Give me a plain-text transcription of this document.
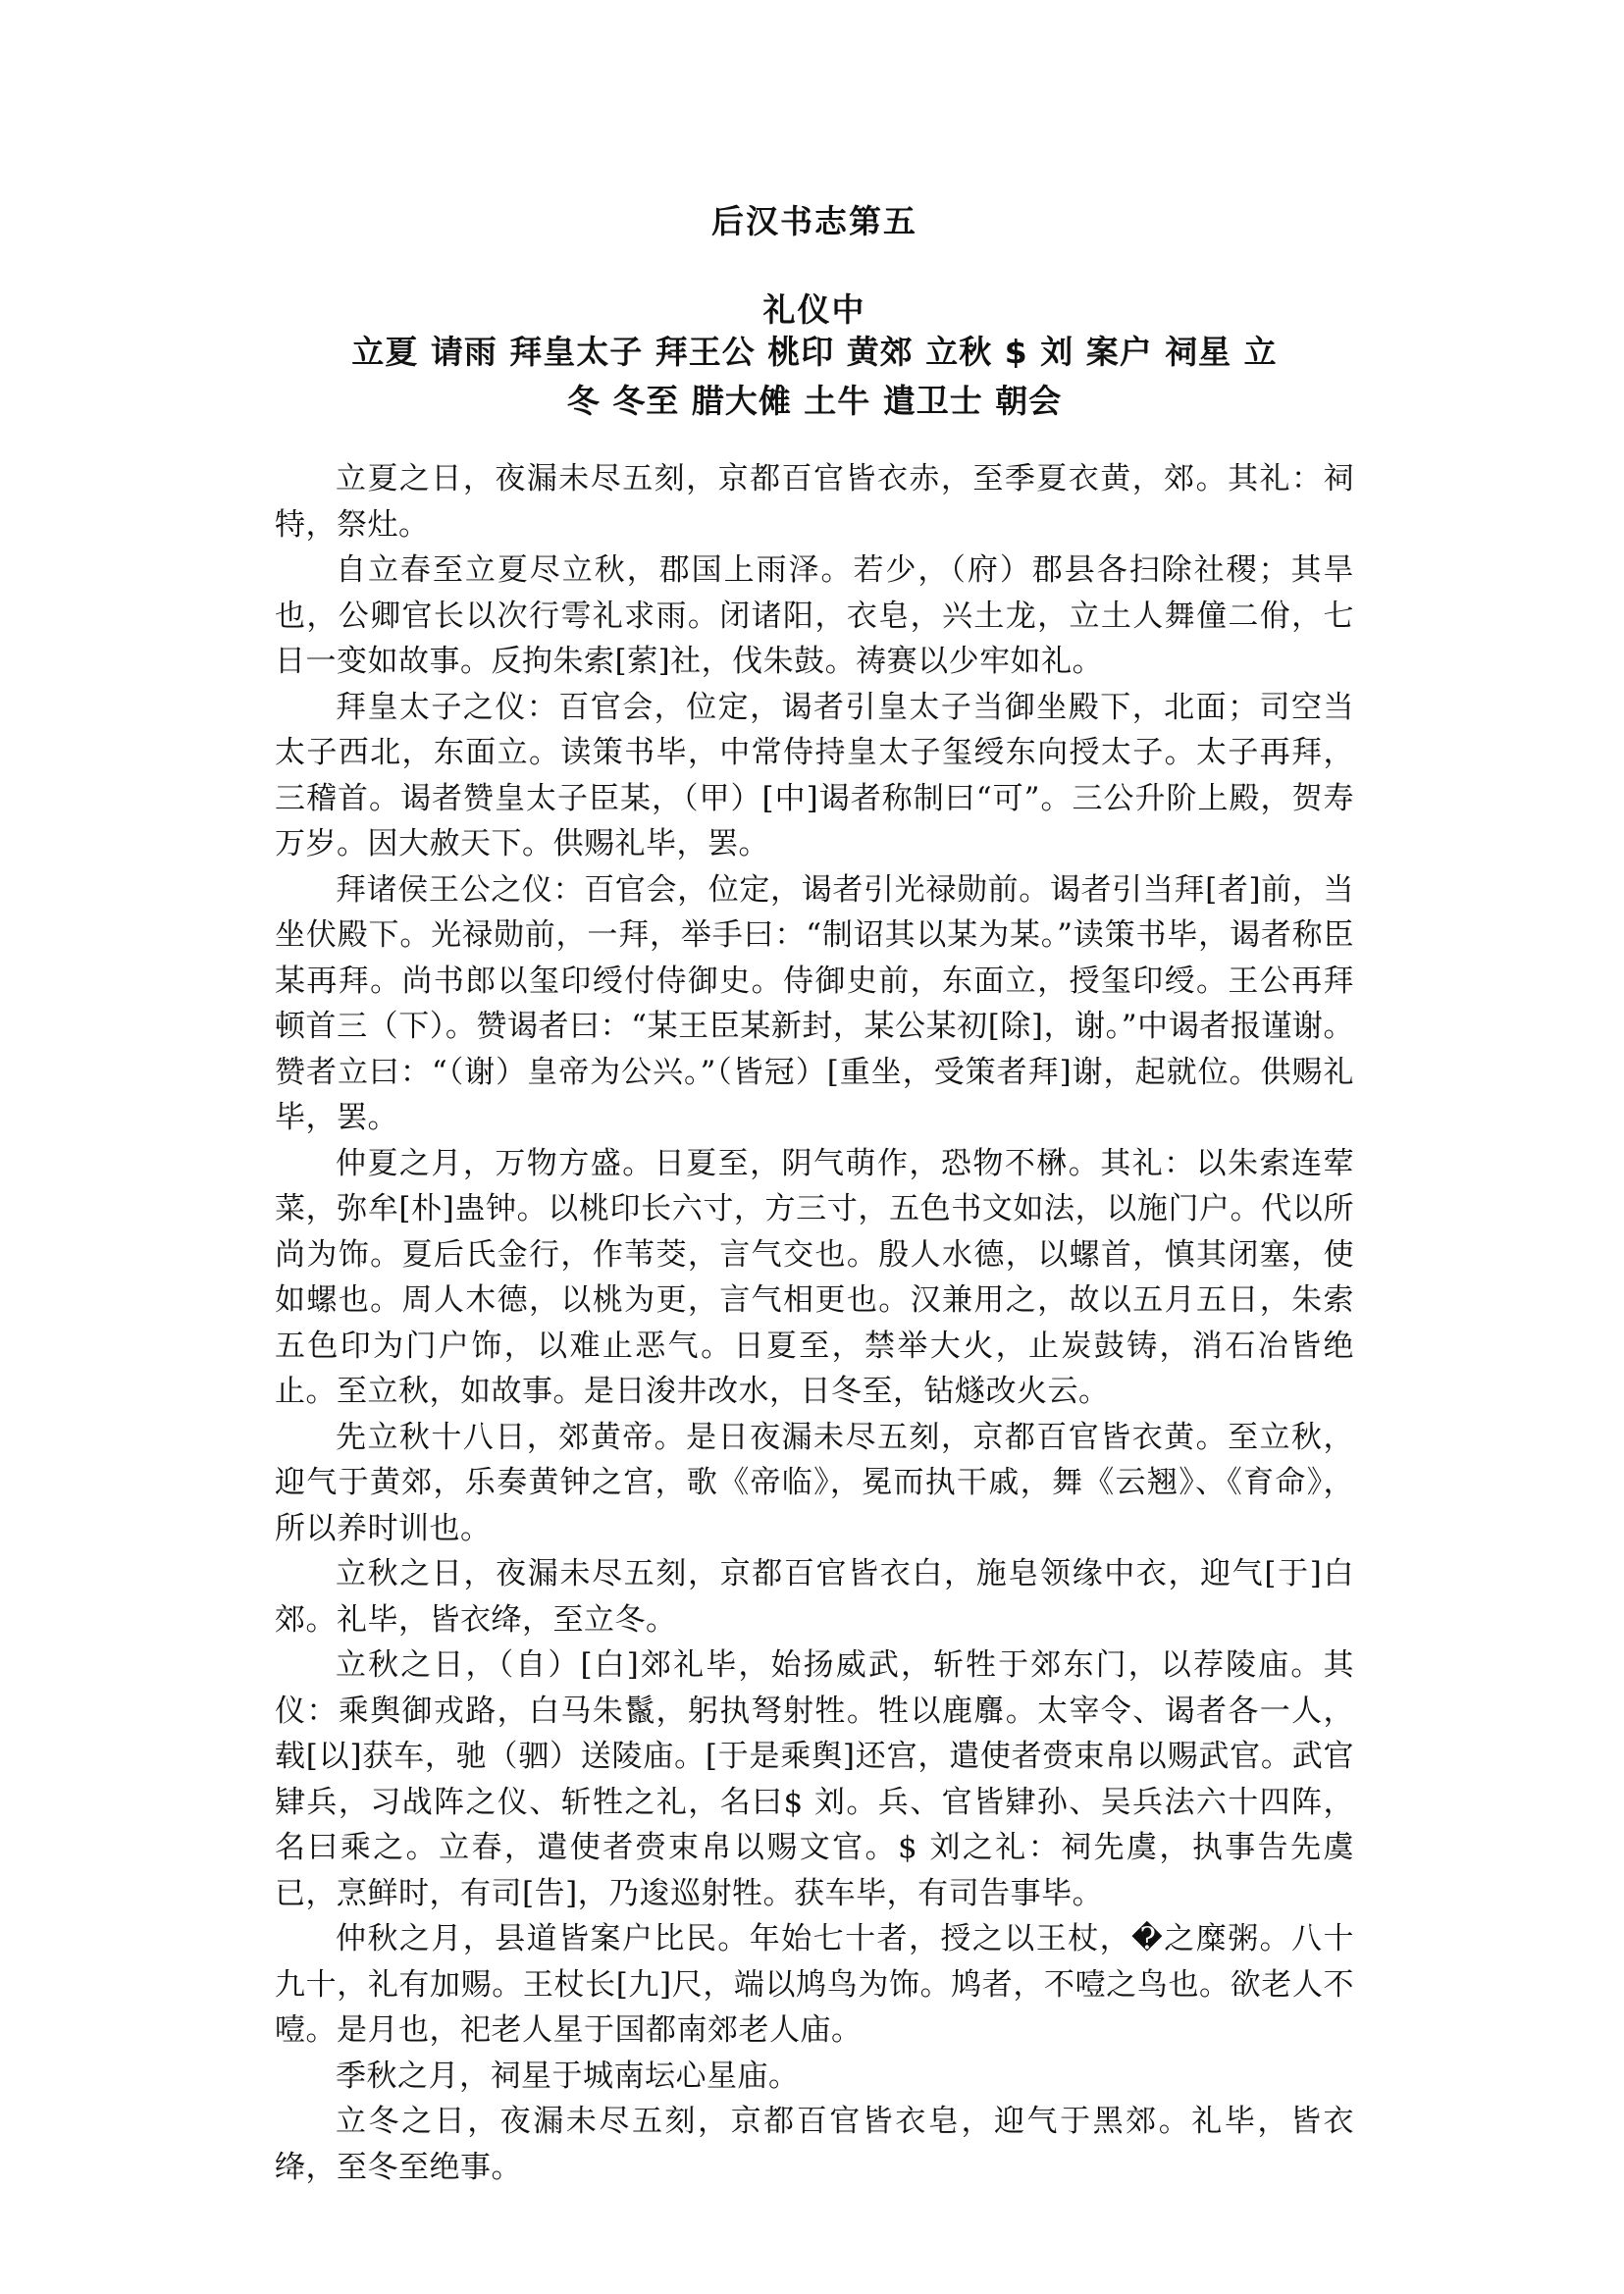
后汉书志第五
礼仪中
立夏 请雨 拜皇太子 拜王公 桃印 黄郊 立秋 $ 刘 案户 祠星 立
冬 冬至 腊大傩 土牛 遣卫士 朝会

立夏之日，夜漏未尽五刻，京都百官皆衣赤，至季夏衣黄，郊。其礼：祠特，祭灶。

自立春至立夏尽立秋，郡国上雨泽。若少，（府）郡县各扫除社稷；其旱也，公卿官长以次行雩礼求雨。闭诸阳，衣皂，兴土龙，立土人舞僮二佾，七日一变如故事。反拘朱索[萦]社，伐朱鼓。祷赛以少牢如礼。

拜皇太子之仪：百官会，位定，谒者引皇太子当御坐殿下，北面；司空当太子西北，东面立。读策书毕，中常侍持皇太子玺绶东向授太子。太子再拜，三稽首。谒者赞皇太子臣某，（甲）[中]谒者称制曰“可”。三公升阶上殿，贺寿万岁。因大赦天下。供赐礼毕，罢。

拜诸侯王公之仪：百官会，位定，谒者引光禄勋前。谒者引当拜[者]前，当坐伏殿下。光禄勋前，一拜，举手曰：“制诏其以某为某。”读策书毕，谒者称臣某再拜。尚书郎以玺印绶付侍御史。侍御史前，东面立，授玺印绶。王公再拜顿首三（下）。赞谒者曰：“某王臣某新封，某公某初[除]，谢。”中谒者报谨谢。赞者立曰：“（谢）皇帝为公兴。”（皆冠）[重坐，受策者拜]谢，起就位。供赐礼毕，罢。

仲夏之月，万物方盛。日夏至，阴气萌作，恐物不楙。其礼：以朱索连荤菜，弥牟[朴]蛊钟。以桃印长六寸，方三寸，五色书文如法，以施门户。代以所尚为饰。夏后氏金行，作苇茭，言气交也。殷人水德，以螺首，慎其闭塞，使如螺也。周人木德，以桃为更，言气相更也。汉兼用之，故以五月五日，朱索五色印为门户饰，以难止恶气。日夏至，禁举大火，止炭鼓铸，消石冶皆绝止。至立秋，如故事。是日浚井改水，日冬至，钻燧改火云。

先立秋十八日，郊黄帝。是日夜漏未尽五刻，京都百官皆衣黄。至立秋，迎气于黄郊，乐奏黄钟之宫，歌《帝临》，冕而执干戚，舞《云翘》、《育命》，所以养时训也。

立秋之日，夜漏未尽五刻，京都百官皆衣白，施皂领缘中衣，迎气[于]白郊。礼毕，皆衣绛，至立冬。

立秋之日，（自）[白]郊礼毕，始扬威武，斩牲于郊东门，以荐陵庙。其仪：乘舆御戎路，白马朱鬣，躬执弩射牲。牲以鹿麛。太宰令、谒者各一人，载[以]获车，驰（驷）送陵庙。[于是乘舆]还宫，遣使者赍束帛以赐武官。武官肄兵，习战阵之仪、斩牲之礼，名曰$ 刘。兵、官皆肄孙、吴兵法六十四阵，名曰乘之。立春，遣使者赍束帛以赐文官。$ 刘之礼：祠先虞，执事告先虞已，烹鲜时，有司[告]，乃逡巡射牲。获车毕，有司告事毕。

仲秋之月，县道皆案户比民。年始七十者，授之以王杖，�之糜粥。八十九十，礼有加赐。王杖长[九]尺，端以鸠鸟为饰。鸠者，不噎之鸟也。欲老人不噎。是月也，祀老人星于国都南郊老人庙。

季秋之月，祠星于城南坛心星庙。

立冬之日，夜漏未尽五刻，京都百官皆衣皂，迎气于黑郊。礼毕，皆衣绛，至冬至绝事。
